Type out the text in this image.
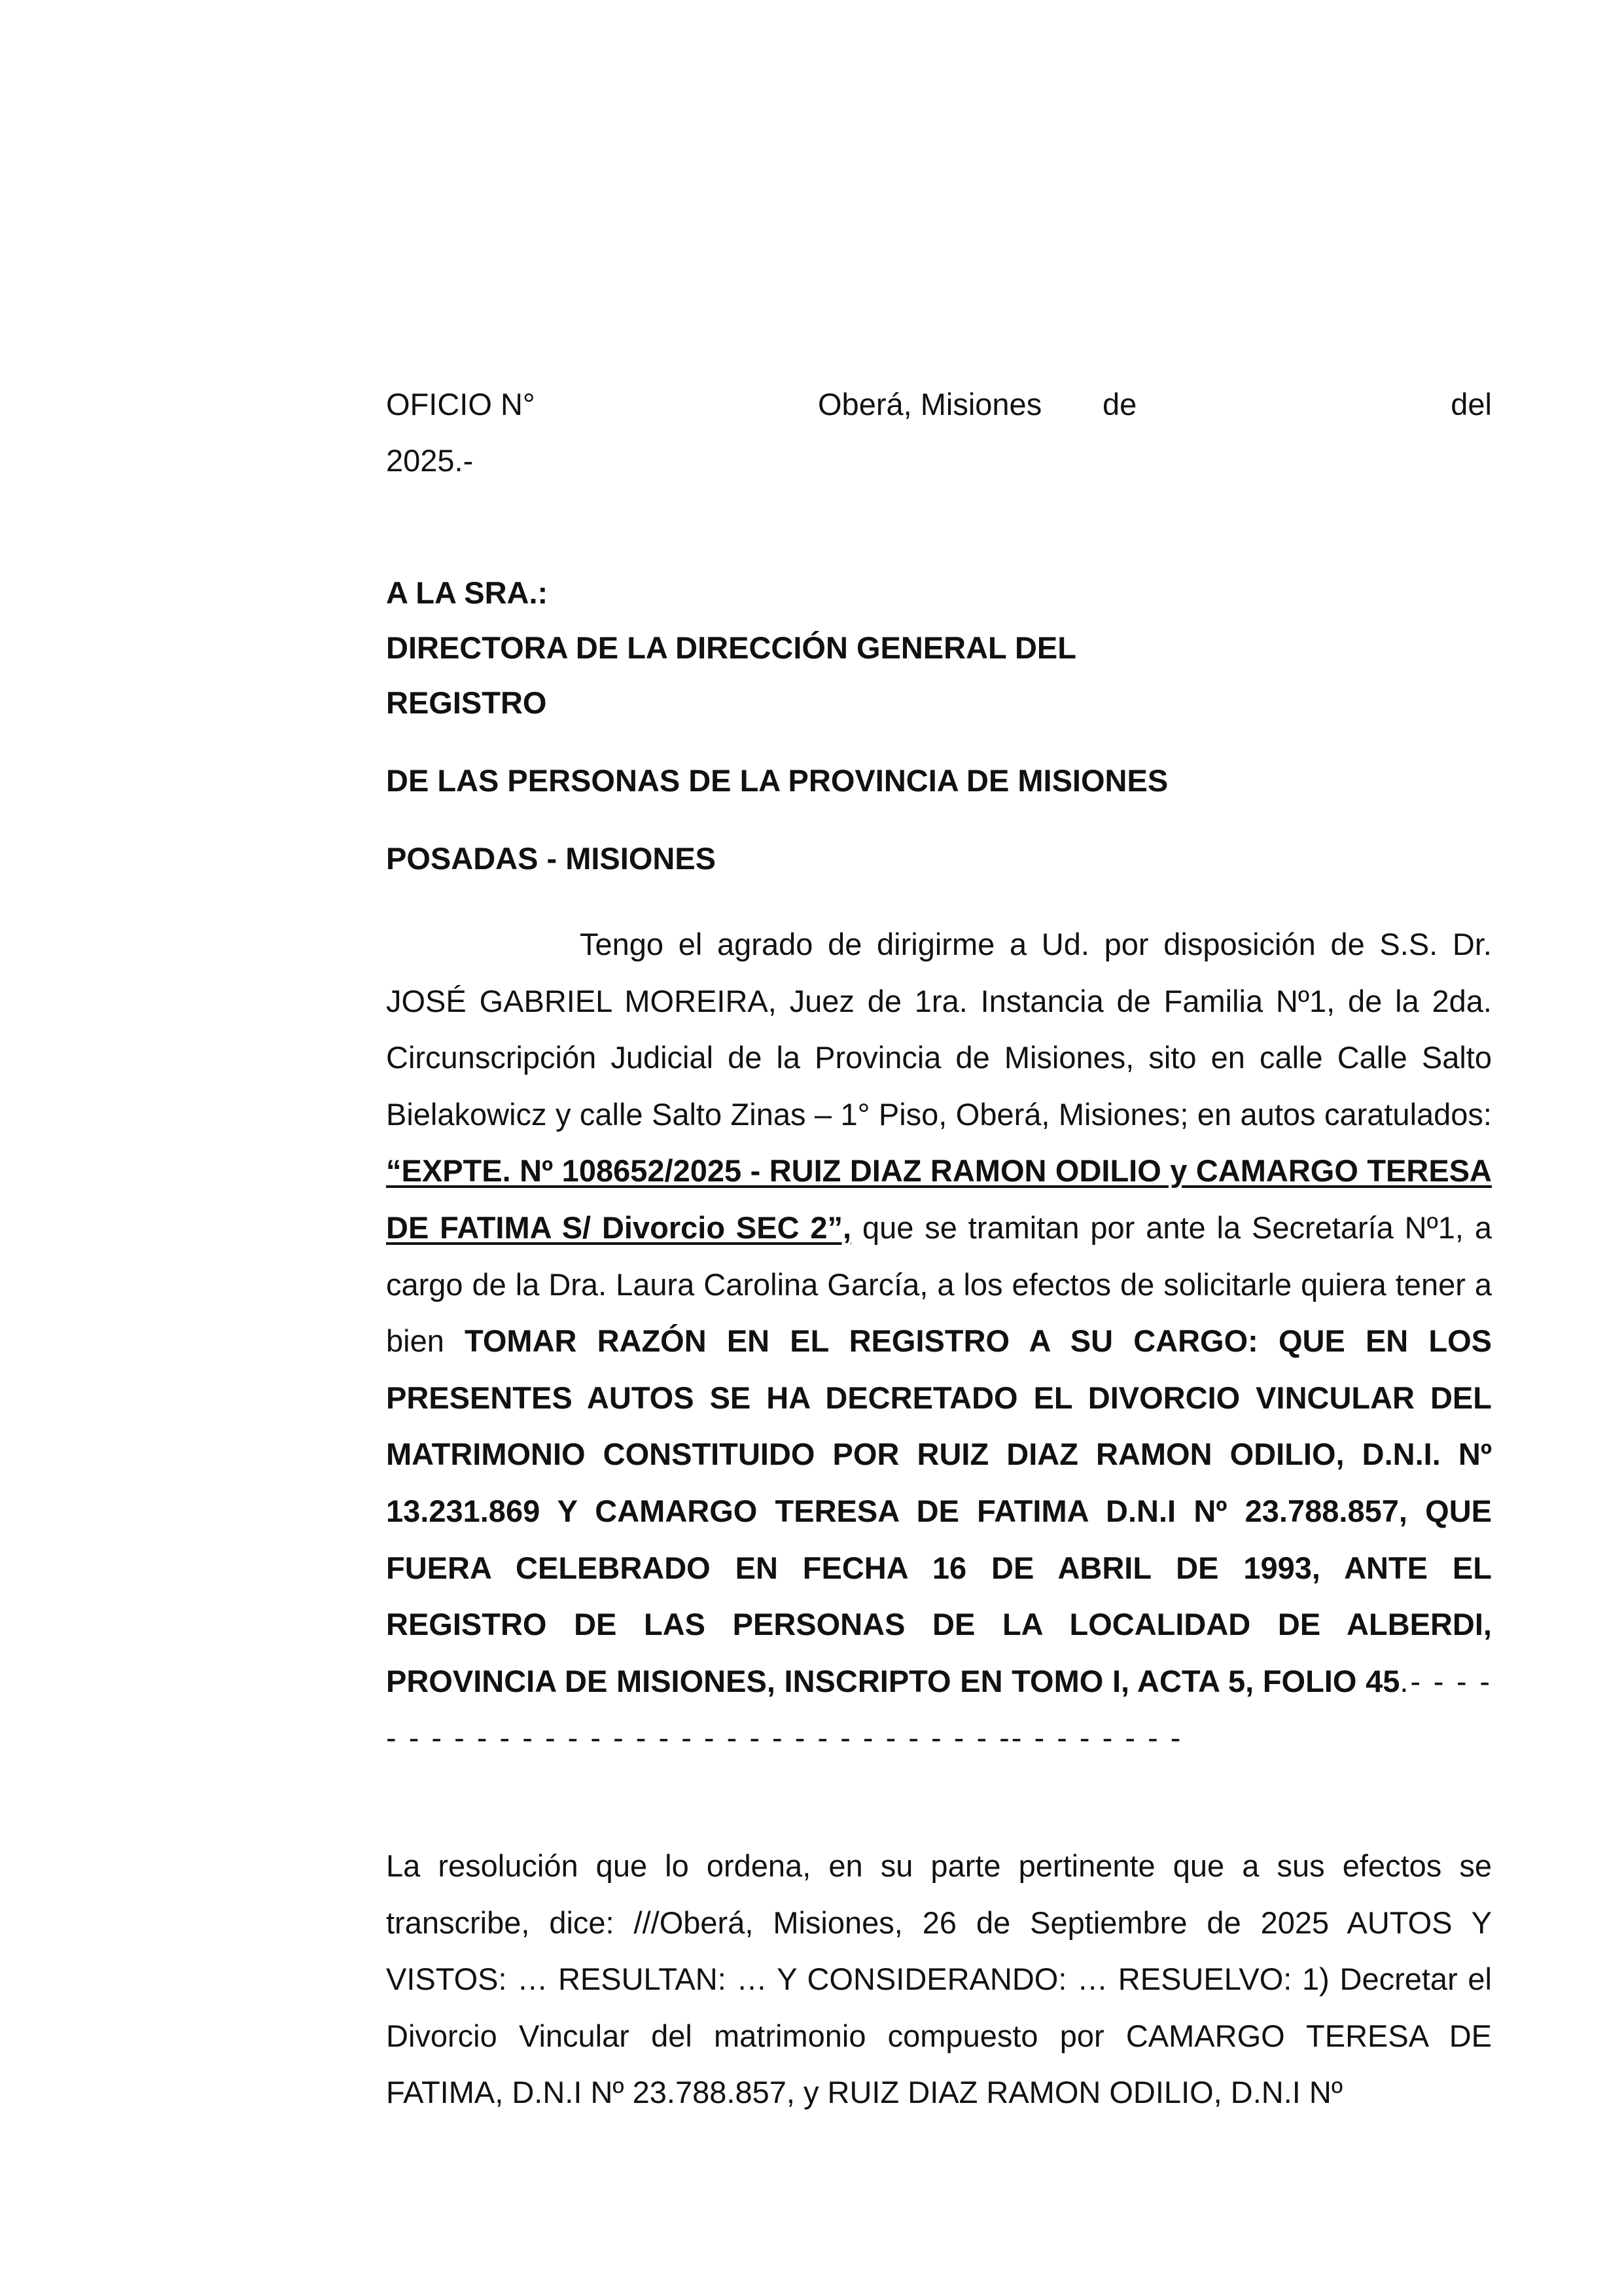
OFICIO N°	Oberá, Misiones de	del
2025.-
A LA SRA.:
DIRECTORA DE LA DIRECCIÓN GENERAL DEL
REGISTRO
DE LAS PERSONAS DE LA PROVINCIA DE MISIONES
POSADAS - MISIONES

Tengo el agrado de dirigirme a Ud. por disposición de S.S. Dr. JOSÉ GABRIEL MOREIRA, Juez de 1ra. Instancia de Familia Nº1, de la 2da. Circunscripción Judicial de la Provincia de Misiones, sito en calle Calle Salto Bielakowicz y calle Salto Zinas – 1° Piso, Oberá, Misiones; en autos caratulados: “EXPTE. Nº 108652/2025 - RUIZ DIAZ RAMON ODILIO y CAMARGO TERESA DE FATIMA S/ Divorcio SEC 2”, que se tramitan por ante la Secretaría Nº1, a cargo de la Dra. Laura Carolina García, a los efectos de solicitarle quiera tener a bien TOMAR RAZÓN EN EL REGISTRO A SU CARGO: QUE EN LOS PRESENTES AUTOS SE HA DECRETADO EL DIVORCIO VINCULAR DEL MATRIMONIO CONSTITUIDO POR RUIZ DIAZ RAMON ODILIO, D.N.I. Nº 13.231.869 Y CAMARGO TERESA DE FATIMA D.N.I Nº 23.788.857, QUE FUERA CELEBRADO EN FECHA 16 DE ABRIL DE 1993, ANTE EL REGISTRO DE LAS PERSONAS DE LA LOCALIDAD DE ALBERDI, PROVINCIA DE MISIONES, INSCRIPTO EN TOMO I, ACTA 5, FOLIO 45.- - - - - - - - - - - - - - - - - - - - - - - - - - - - - - - -- - - - - - - -

La resolución que lo ordena, en su parte pertinente que a sus efectos se transcribe, dice: ///Oberá, Misiones, 26 de Septiembre de 2025 AUTOS Y VISTOS: … RESULTAN: … Y CONSIDERANDO: … RESUELVO: 1) Decretar el Divorcio Vincular del matrimonio compuesto por CAMARGO TERESA DE FATIMA, D.N.I Nº 23.788.857, y RUIZ DIAZ RAMON ODILIO, D.N.I Nº
